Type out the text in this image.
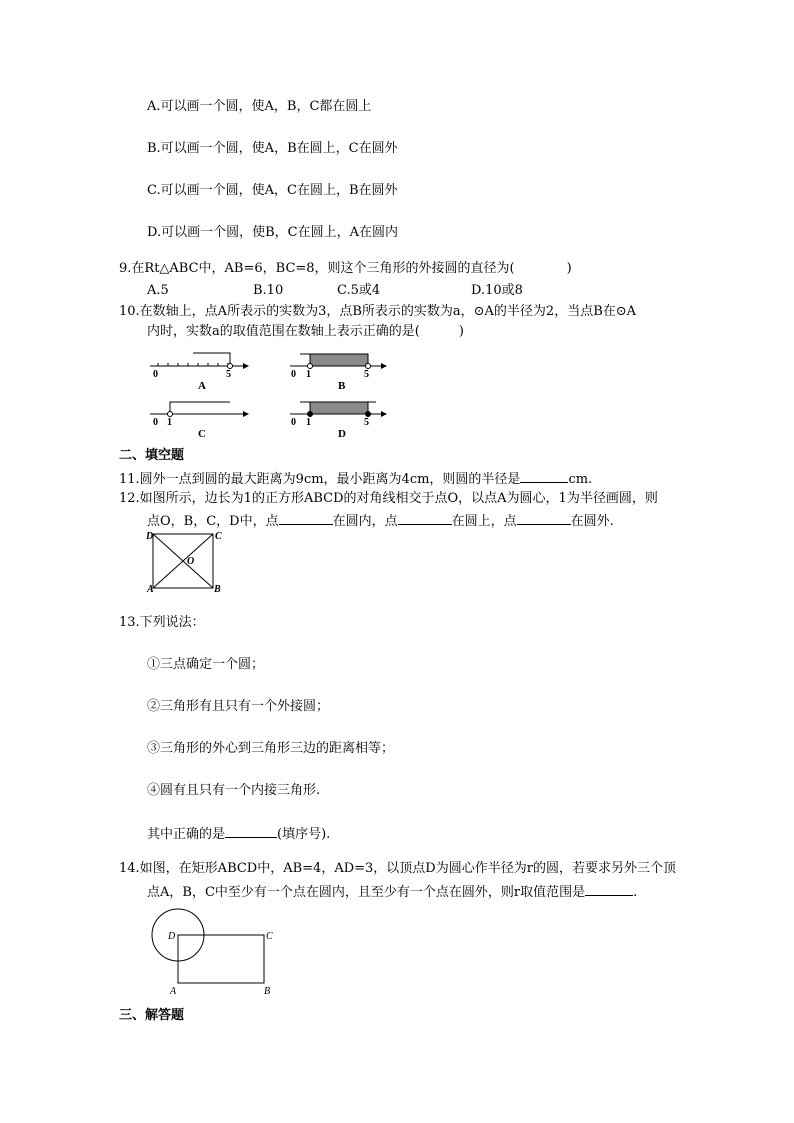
A.可以画一个圆，使A，B，C都在圆上
B.可以画一个圆，使A，B在圆上，C在圆外
C.可以画一个圆，使A，C在圆上，B在圆外
D.可以画一个圆，使B，C在圆上，A在圆内
9.在Rt△ABC中，AB=6，BC=8，则这个三角形的外接圆的直径为(　　　　)
A.5	B.10	C.5或4	D.10或8
10.在数轴上，点A所表示的实数为3，点B所表示的实数为a，⊙A的半径为2，当点B在⊙A
内时，实数a的取值范围在数轴上表示正确的是(　　　)
0	5
A
0 1	5
B
0 1
C
0 1	5
D
二、填空题
11.圆外一点到圆的最大距离为9cm，最小距离为4cm，则圆的半径是	cm.
12.如图所示，边长为1的正方形ABCD的对角线相交于点O，以点A为圆心，1为半径画圆，则
点O，B，C，D中，点	在圆内，点	在圆上，点	在圆外.
D	C
A	B
O
13.下列说法：
①三点确定一个圆；
②三角形有且只有一个外接圆；
③三角形的外心到三角形三边的距离相等；
④圆有且只有一个内接三角形.
其中正确的是	(填序号).
14.如图，在矩形ABCD中，AB=4，AD=3，以顶点D为圆心作半径为r的圆，若要求另外三个顶
点A，B，C中至少有一个点在圆内，且至少有一个点在圆外，则r取值范围是	.
D	C
A	B
三、解答题
